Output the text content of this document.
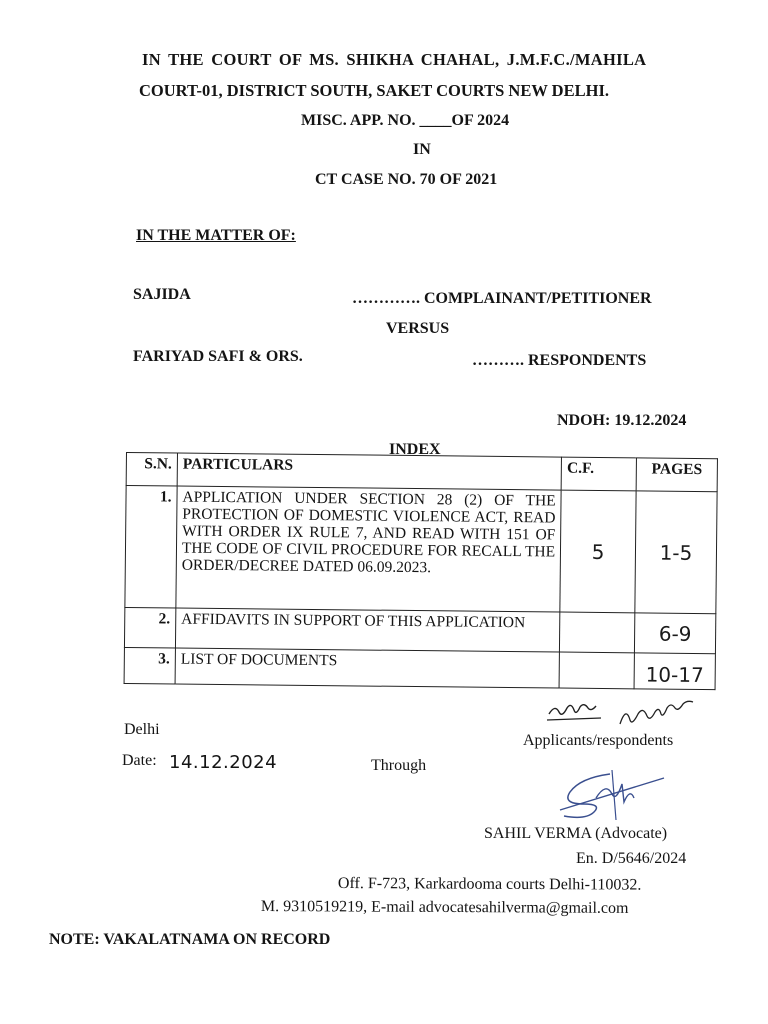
IN THE COURT OF MS. SHIKHA CHAHAL, J.M.F.C./MAHILA
COURT-01, DISTRICT SOUTH, SAKET COURTS NEW DELHI.
MISC. APP. NO. ____OF 2024
IN
CT CASE NO. 70 OF 2021
IN THE MATTER OF:
SAJIDA	…………. COMPLAINANT/PETITIONER
VERSUS
FARIYAD SAFI & ORS.	………. RESPONDENTS
NDOH: 19.12.2024
INDEX
S.N.	PARTICULARS	C.F.	PAGES
1.	APPLICATION UNDER SECTION 28 (2) OF THE PROTECTION OF DOMESTIC VIOLENCE ACT, READ WITH ORDER IX RULE 7, AND READ WITH 151 OF THE CODE OF CIVIL PROCEDURE FOR RECALL THE ORDER/DECREE DATED 06.09.2023.	5	1-5
2.	AFFIDAVITS IN SUPPORT OF THIS APPLICATION		6-9
3.	LIST OF DOCUMENTS		10-17
Delhi
Date: 14.12.2024	Through
Applicants/respondents
SAHIL VERMA (Advocate)
En. D/5646/2024
Off. F-723, Karkardooma courts Delhi-110032.
M. 9310519219, E-mail advocatesahilverma@gmail.com
NOTE: VAKALATNAMA ON RECORD
